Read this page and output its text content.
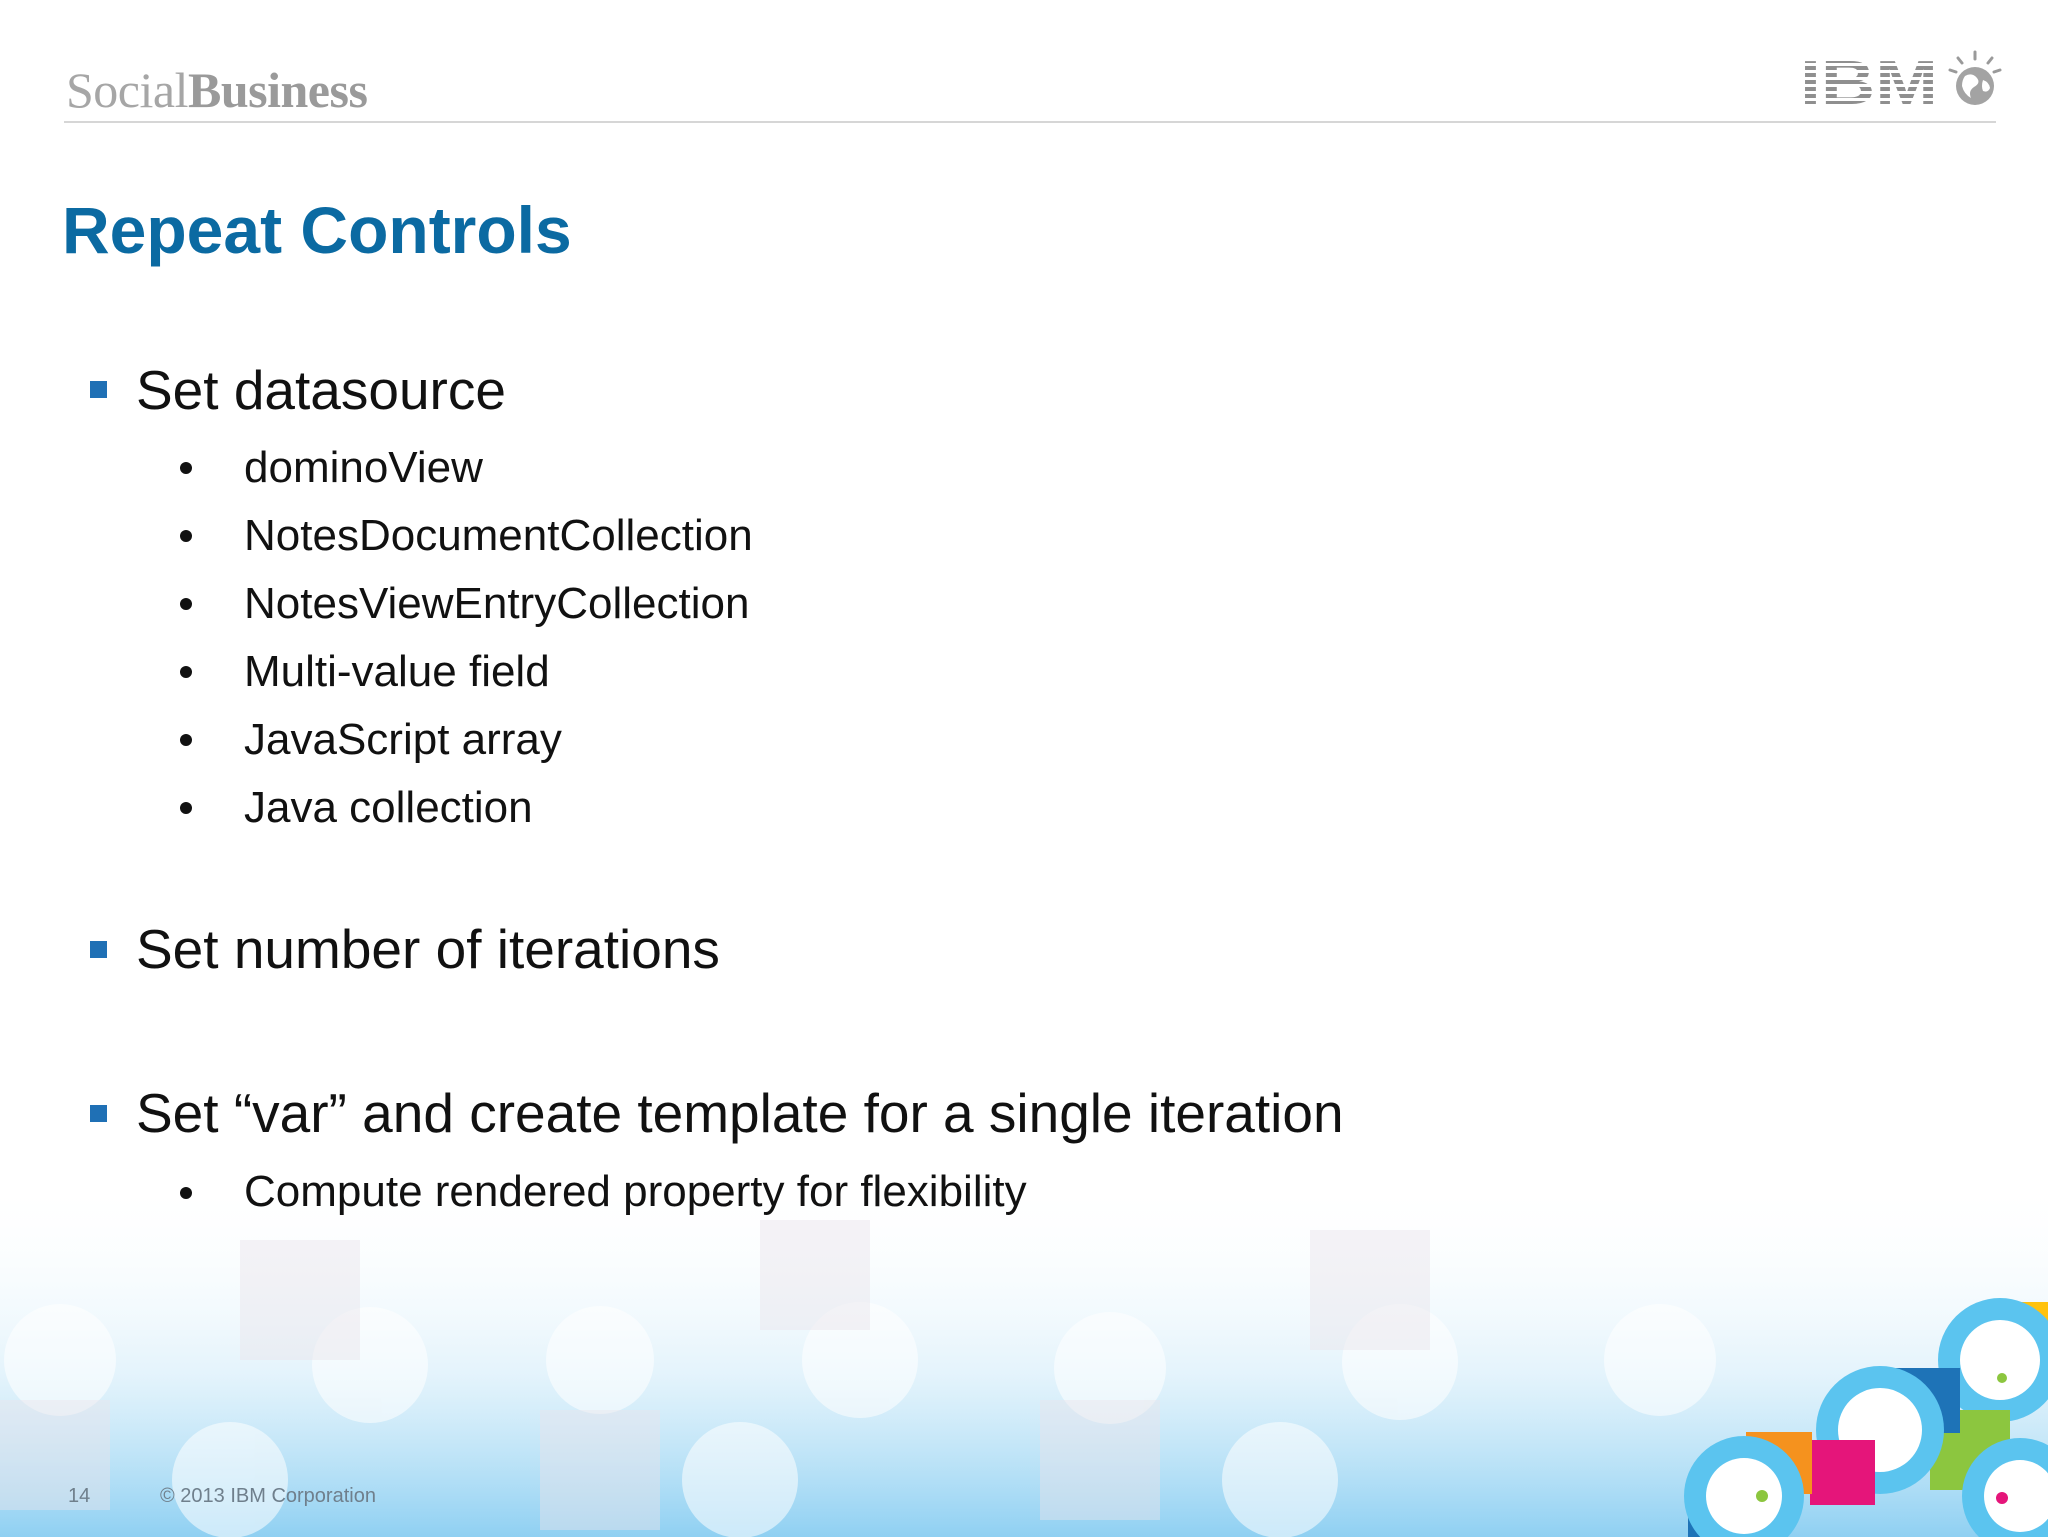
SocialBusiness
Repeat Controls
Set datasource
dominoView
NotesDocumentCollection
NotesViewEntryCollection
Multi-value field
JavaScript array
Java collection
Set number of iterations
Set “var” and create template for a single iteration
Compute rendered property for flexibility
14	© 2013 IBM Corporation
